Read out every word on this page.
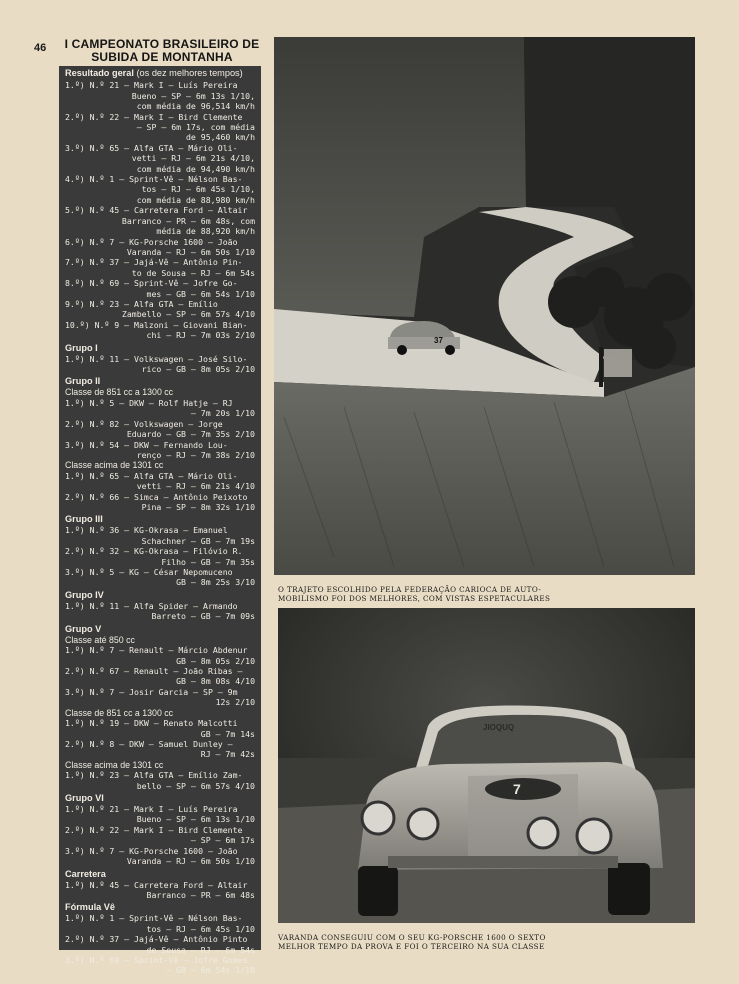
46 I CAMPEONATO BRASILEIRO DE
SUBIDA DE MONTANHA
Resultado geral (os dez melhores tempos)
1.º) N.º 21 — Mark I — Luís Pereira
Bueno — SP — 6m 13s 1/10,
com média de 96,514 km/h
2.º) N.º 22 — Mark I — Bird Clemente
— SP — 6m 17s, com média
de 95,460 km/h
3.º) N.º 65 — Alfa GTA — Mário Oli-
vetti — RJ — 6m 21s 4/10,
com média de 94,490 km/h
4.º) N.º 1 — Sprint-Vê — Nélson Bas-
tos — RJ — 6m 45s 1/10,
com média de 88,980 km/h
5.º) N.º 45 — Carretera Ford — Altair
Barranco — PR — 6m 48s, com
média de 88,920 km/h
6.º) N.º 7 — KG-Porsche 1600 — João
Varanda — RJ — 6m 50s 1/10
7.º) N.º 37 — Jajá-Vê — Antônio Pin-
to de Sousa — RJ — 6m 54s
8.º) N.º 69 — Sprint-Vê — Jofre Go-
mes — GB — 6m 54s 1/10
9.º) N.º 23 — Alfa GTA — Emílio
Zambello — SP — 6m 57s 4/10
10.º) N.º 9 — Malzoni — Giovani Bian-
chi — RJ — 7m 03s 2/10
Grupo I
1.º) N.º 11 — Volkswagen — José Silo-
rico — GB — 8m 05s 2/10
Grupo II
Classe de 851 cc a 1300 cc
1.º) N.º 5 — DKW — Rolf Hatje — RJ
— 7m 20s 1/10
2.º) N.º 82 — Volkswagen — Jorge
Eduardo — GB — 7m 35s 2/10
3.º) N.º 54 — DKW — Fernando Lou-
renço — RJ — 7m 38s 2/10
Classe acima de 1301 cc
1.º) N.º 65 — Alfa GTA — Mário Oli-
vetti — RJ — 6m 21s 4/10
2.º) N.º 66 — Simca — Antônio Peixoto
Pina — SP — 8m 32s 1/10
Grupo III
1.º) N.º 36 — KG-Okrasa — Emanuel
Schachner — GB — 7m 19s
2.º) N.º 32 — KG-Okrasa — Filóvio R.
Filho — GB — 7m 35s
3.º) N.º 5 — KG — César Nepomuceno
GB — 8m 25s 3/10
Grupo IV
1.º) N.º 11 — Alfa Spider — Armando
Barreto — GB — 7m 09s
Grupo V
Classe até 850 cc
1.º) N.º 7 — Renault — Márcio Abdenur
GB — 8m 05s 2/10
2.º) N.º 67 — Renault — João Ribas —
GB — 8m 08s 4/10
3.º) N.º 7 — Josir Garcia — SP — 9m
12s 2/10
Classe de 851 cc a 1300 cc
1.º) N.º 19 — DKW — Renato Malcotti
GB — 7m 14s
2.º) N.º 8 — DKW — Samuel Dunley —
RJ — 7m 42s
Classe acima de 1301 cc
1.º) N.º 23 — Alfa GTA — Emílio Zam-
bello — SP — 6m 57s 4/10
Grupo VI
1.º) N.º 21 — Mark I — Luís Pereira
Bueno — SP — 6m 13s 1/10
2.º) N.º 22 — Mark I — Bird Clemente
— SP — 6m 17s
3.º) N.º 7 — KG-Porsche 1600 — João
Varanda — RJ — 6m 50s 1/10
Carretera
1.º) N.º 45 — Carretera Ford — Altair
Barranco — PR — 6m 48s
Fórmula Vê
1.º) N.º 1 — Sprint-Vê — Nélson Bas-
tos — RJ — 6m 45s 1/10
2.º) N.º 37 — Jajá-Vê — Antônio Pinto
de Sousa — RJ — 6m 54s
3.º) N.º 69 — Sprint-Vê — Jofre Gomes
— GB — 6m 54s 1/10
37
O TRAJETO ESCOLHIDO PELA FEDERAÇÃO CARIOCA DE AUTO-
MOBILISMO FOI DOS MELHORES, COM VISTAS ESPETACULARES
7
ЈIОQUQ
VARANDA CONSEGUIU COM O SEU KG-PORSCHE 1600 O SEXTO
MELHOR TEMPO DA PROVA E FOI O TERCEIRO NA SUA CLASSE
